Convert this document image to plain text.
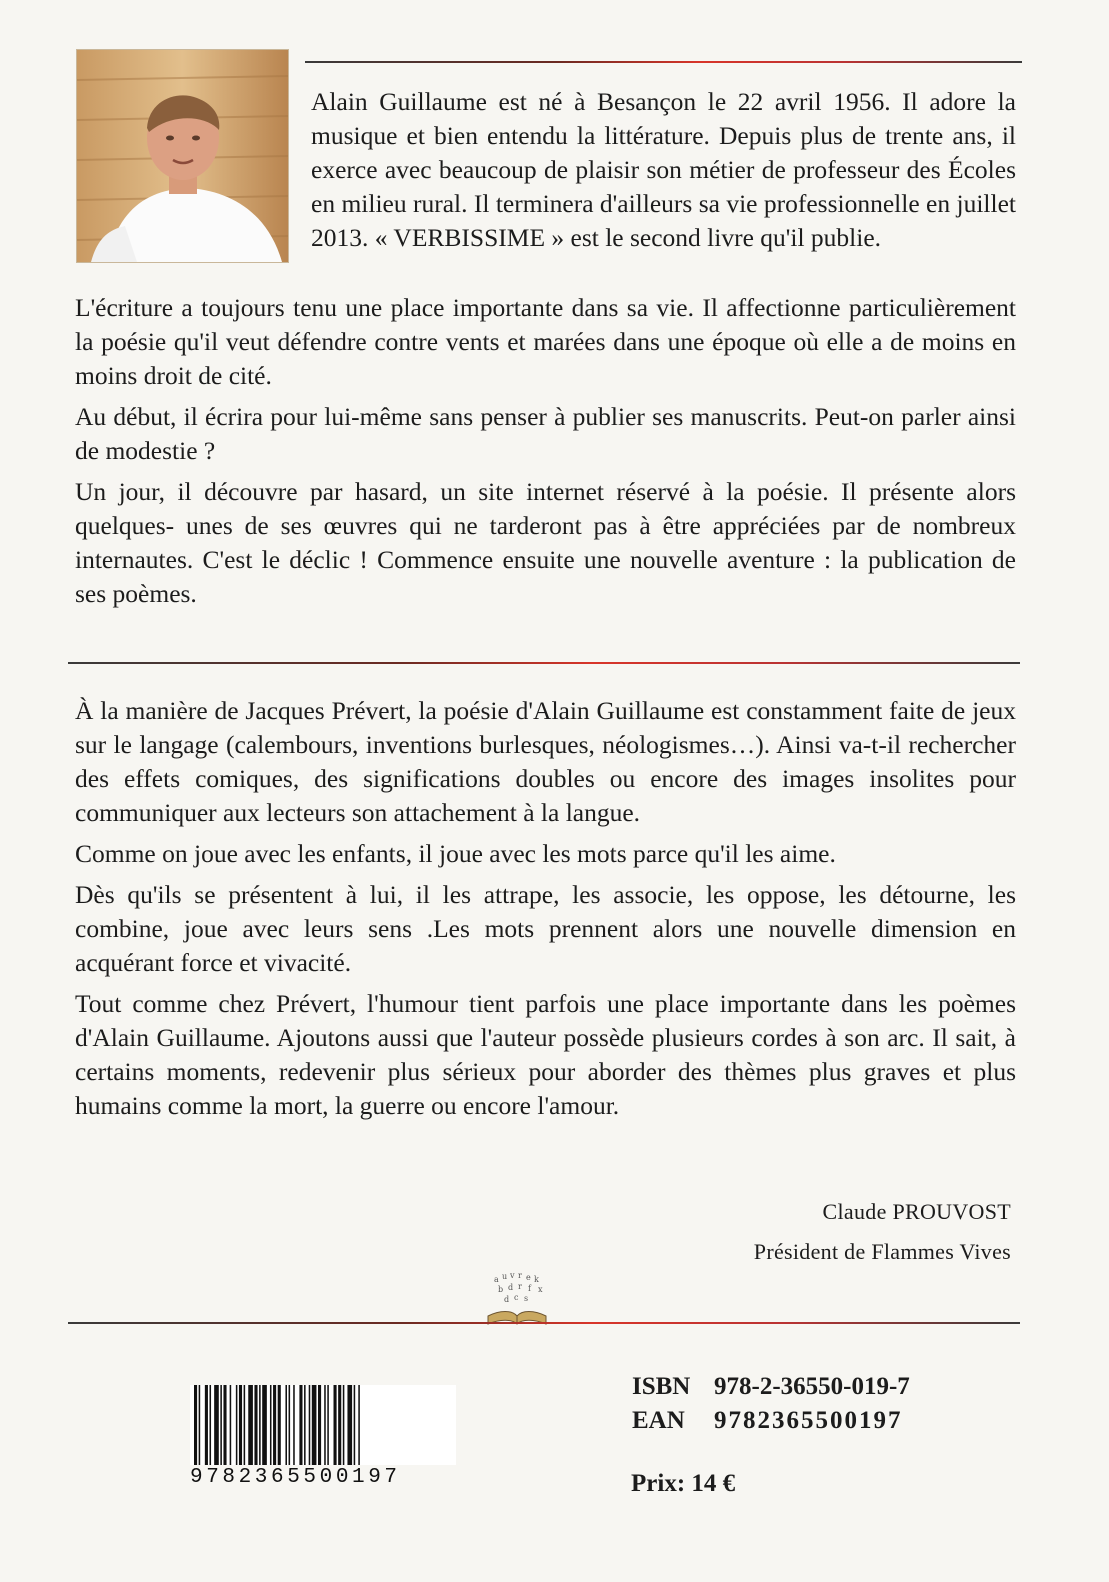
Alain Guillaume est né à Besançon le 22 avril 1956. Il adore la musique et bien entendu la littérature. Depuis plus de trente ans, il exerce avec beaucoup de plaisir son métier de professeur des Écoles en milieu rural. Il terminera d'ailleurs sa vie professionnelle en juillet 2013. « VERBISSIME » est le second livre qu'il publie.

L'écriture a toujours tenu une place importante dans sa vie. Il affectionne particulièrement la poésie qu'il veut défendre contre vents et marées dans une époque où elle a de moins en moins droit de cité.

Au début, il écrira pour lui-même sans penser à publier ses manuscrits. Peut-on parler ainsi de modestie ?

Un jour, il découvre par hasard, un site internet réservé à la poésie. Il présente alors quelques- unes de ses œuvres qui ne tarderont pas à être appréciées par de nombreux internautes. C'est le déclic ! Commence ensuite une nouvelle aventure : la publication de ses poèmes.

À la manière de Jacques Prévert, la poésie d'Alain Guillaume est constamment faite de jeux sur le langage (calembours, inventions burlesques, néologismes…). Ainsi va-t-il rechercher des effets comiques, des significations doubles ou encore des images insolites pour communiquer aux lecteurs son attachement à la langue.

Comme on joue avec les enfants, il joue avec les mots parce qu'il les aime.

Dès qu'ils se présentent à lui, il les attrape, les associe, les oppose, les détourne, les combine, joue avec leurs sens .Les mots prennent alors une nouvelle dimension en acquérant force et vivacité.

Tout comme chez Prévert, l'humour tient parfois une place importante dans les poèmes d'Alain Guillaume. Ajoutons aussi que l'auteur possède plusieurs cordes à son arc. Il sait, à certains moments, redevenir plus sérieux pour aborder des thèmes plus graves et plus humains comme la mort, la guerre ou encore l'amour.

Claude PROUVOST
Président de Flammes Vives
a u v r e k
b d r f x
d c s
9782365500197
ISBN 978-2-36550-019-7
EAN 9782365500197
Prix: 14 €
